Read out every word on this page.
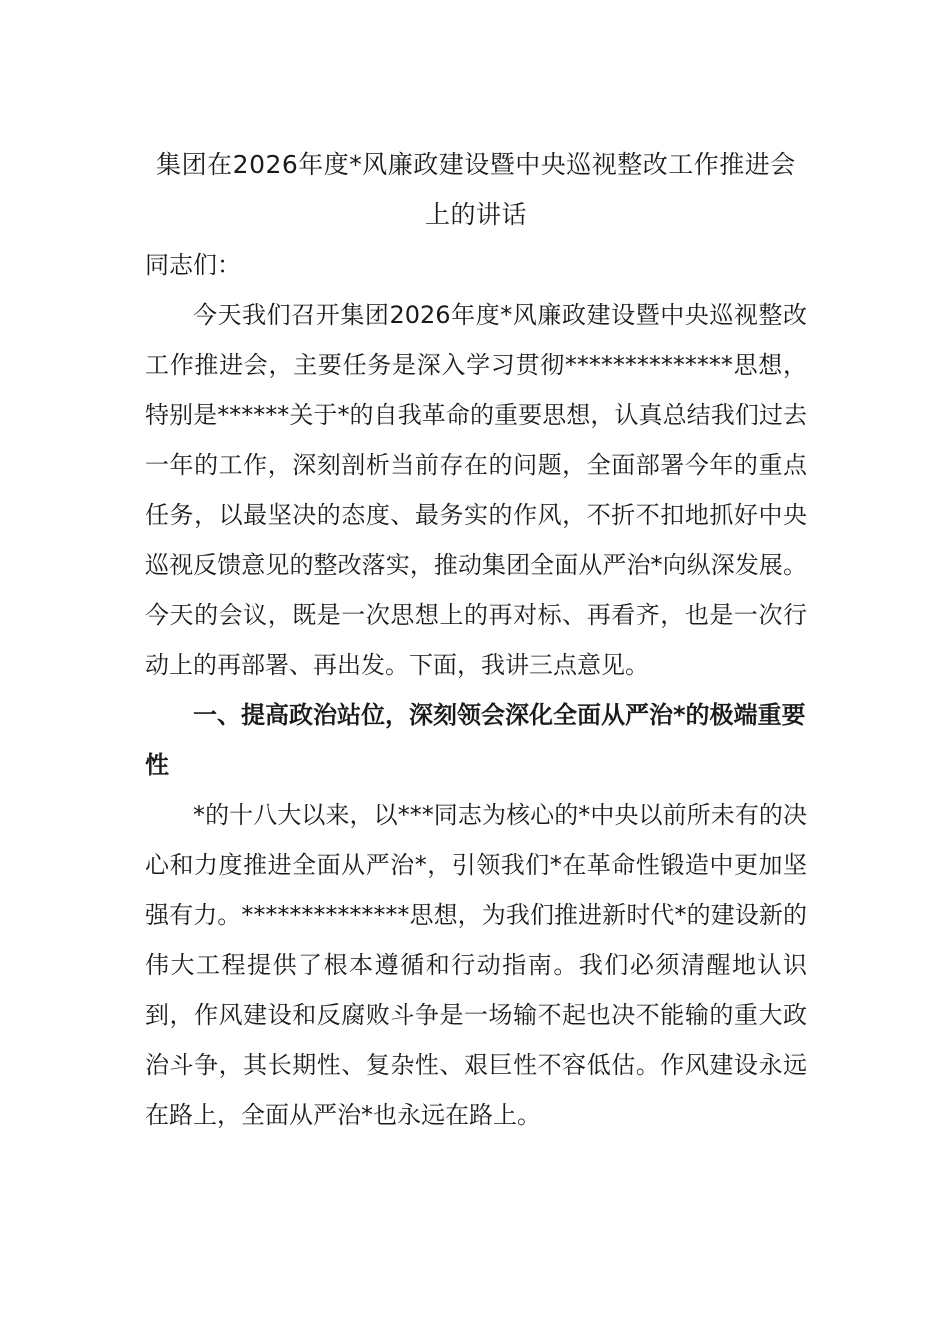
集团在2026年度*风廉政建设暨中央巡视整改工作推进会上的讲话

同志们：

今天我们召开集团2026年度*风廉政建设暨中央巡视整改工作推进会，主要任务是深入学习贯彻**************思想，特别是******关于*的自我革命的重要思想，认真总结我们过去一年的工作，深刻剖析当前存在的问题，全面部署今年的重点任务，以最坚决的态度、最务实的作风，不折不扣地抓好中央巡视反馈意见的整改落实，推动集团全面从严治*向纵深发展。今天的会议，既是一次思想上的再对标、再看齐，也是一次行动上的再部署、再出发。下面，我讲三点意见。

一、提高政治站位，深刻领会深化全面从严治*的极端重要性

*的十八大以来，以***同志为核心的*中央以前所未有的决心和力度推进全面从严治*，引领我们*在革命性锻造中更加坚强有力。**************思想，为我们推进新时代*的建设新的伟大工程提供了根本遵循和行动指南。我们必须清醒地认识到，作风建设和反腐败斗争是一场输不起也决不能输的重大政治斗争，其长期性、复杂性、艰巨性不容低估。作风建设永远在路上，全面从严治*也永远在路上。
